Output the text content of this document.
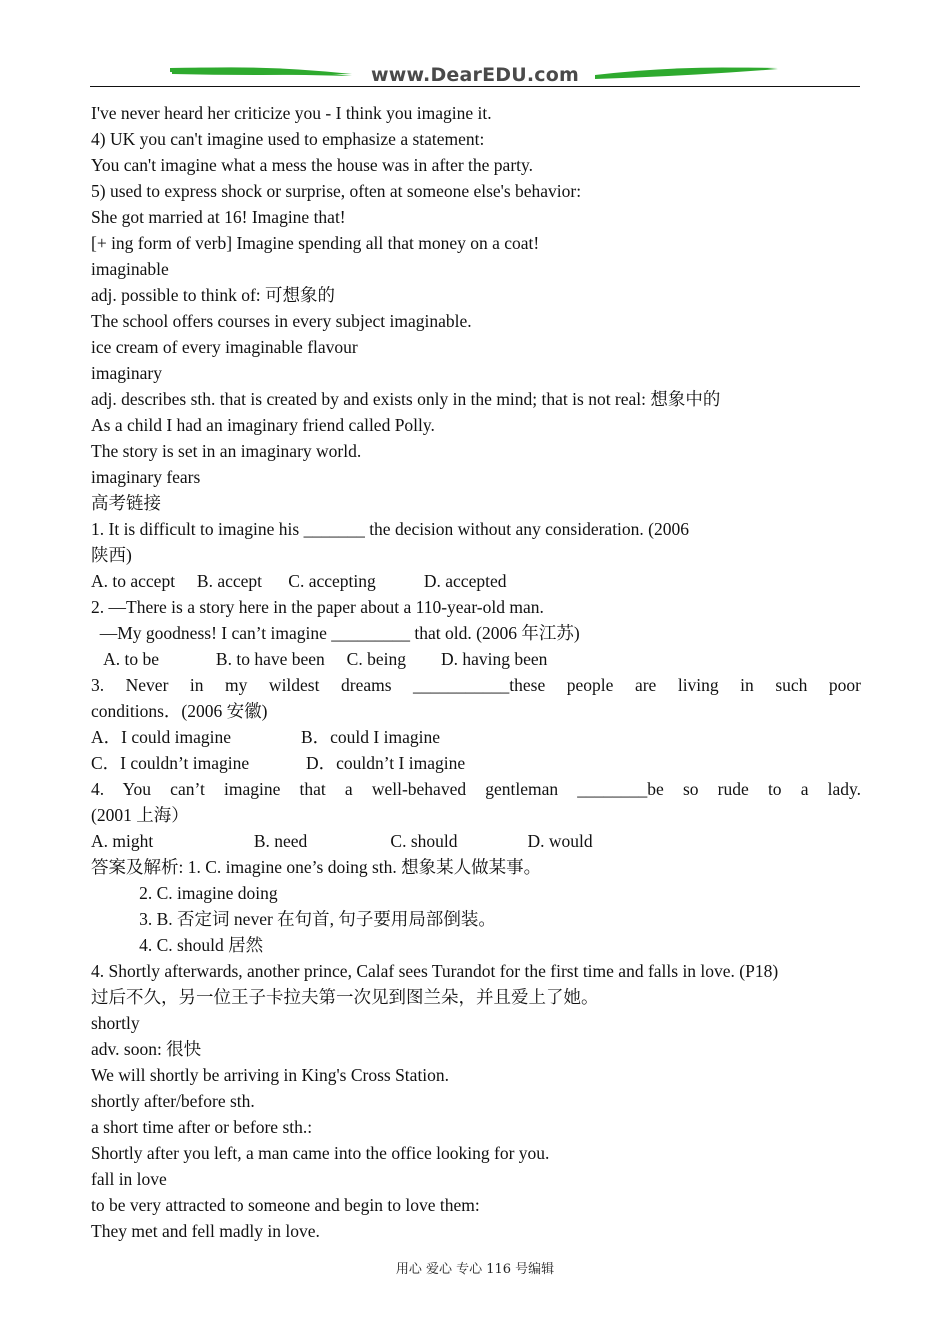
www.DearEDU.com
I've never heard her criticize you - I think you imagine it.
4) UK you can't imagine used to emphasize a statement:
You can't imagine what a mess the house was in after the party.
5) used to express shock or surprise, often at someone else's behavior:
She got married at 16! Imagine that!
[+ ing form of verb] Imagine spending all that money on a coat!
imaginable
adj. possible to think of: 可想象的
The school offers courses in every subject imaginable.
ice cream of every imaginable flavour
imaginary
adj. describes sth. that is created by and exists only in the mind; that is not real: 想象中的
As a child I had an imaginary friend called Polly.
The story is set in an imaginary world.
imaginary fears
高考链接
1. It is difficult to imagine his _______ the decision without any consideration. (2006
陕西)
A. to accept     B. accept      C. accepting           D. accepted
2. —There is a story here in the paper about a 110-year-old man.
—My goodness! I can’t imagine _________ that old. (2006 年江苏)
A. to be             B. to have been     C. being        D. having been
3. Never in my wildest dreams ___________these people are living in such poor
conditions．(2006 安徽)
A．I could imagine                B．could I imagine
C．I couldn’t imagine             D．couldn’t I imagine
4. You can’t imagine that a well-behaved gentleman ________be so rude to a lady.
(2001 上海）
A. might                       B. need                   C. should                D. would
答案及解析: 1. C. imagine one’s doing sth. 想象某人做某事。
2. C. imagine doing
3. B. 否定词 never 在句首, 句子要用局部倒装。
4. C. should 居然
4. Shortly afterwards, another prince, Calaf sees Turandot for the first time and falls in love. (P18)
过后不久，另一位王子卡拉夫第一次见到图兰朵，并且爱上了她。
shortly
adv. soon: 很快
We will shortly be arriving in King's Cross Station.
shortly after/before sth.
a short time after or before sth.:
Shortly after you left, a man came into the office looking for you.
fall in love
to be very attracted to someone and begin to love them:
They met and fell madly in love.
用心 爱心 专心 116 号编辑
